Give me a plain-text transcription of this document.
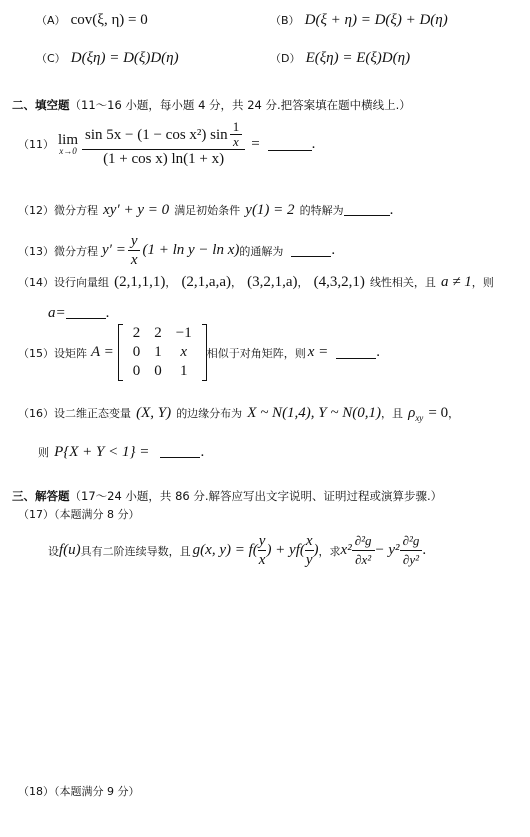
（A） cov(ξ, η) = 0	（B） D(ξ + η) = D(ξ) + D(η)
（C） D(ξη) = D(ξ)D(η)	（D） E(ξη) = E(ξ)D(η)
二、填空题（11～16 小题，每小题 4 分，共 24 分.把答案填在题中横线上.）
（11） lim
$x\to 0 \frac{\sin 5x - (1 - \cos x^2) \sin \frac{1}{x}}{\text{(1 + cos x) ln(1 + x)}}$ =	.
（12）微分方程 xy′ + y = 0 满足初始条件 y(1) = 2 的特解为	.
（13） 微分方程 $y' = \frac{y}{x} (1 + \ln y - \ln x)$ 的通解为	.
（14）设行向量组 (2,1,1,1)， (2,1,a,a)， (3,2,1,a)， (4,3,2,1) 线性相关，且 a ≠ 1，则
a=	.
（15） 设矩阵 A =
2	2	−1
0	1	x
0	0	1
相似于对角矩阵，则 x =	.
（16）设二维正态变量 (X, Y) 的边缘分布为 X ~ N(1,4), Y ~ N(0,1)，且 $\rho_{xy} = 0$，
则 P{X + Y < 1} =	.
三、解答题（17～24 小题，共 86 分.解答应写出文字说明、证明过程或演算步骤.）
（17）（本题满分 8 分）
设 f(u) 具有二阶连续导数，且 g(x, $y) = f( \frac{y}{x}$ ) + $yf( \frac{x}{y}$ ) ，求 $x^2 \frac{\text{∂²g}}{\text{∂x²}} - y^2 \frac{\text{∂²g}}{\text{∂y²}}$ .
（18）（本题满分 9 分）
